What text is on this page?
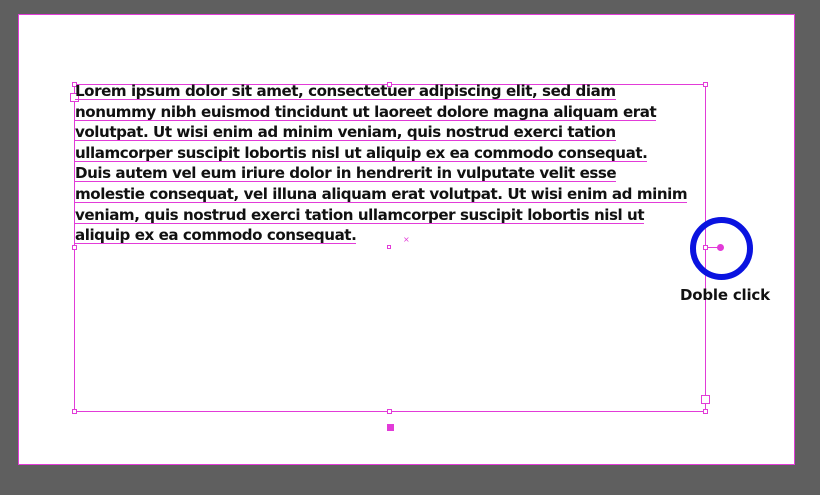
Lorem ipsum dolor sit amet, consectetuer adipiscing elit, sed diam
nonummy nibh euismod tincidunt ut laoreet dolore magna aliquam erat
volutpat. Ut wisi enim ad minim veniam, quis nostrud exerci tation
ullamcorper suscipit lobortis nisl ut aliquip ex ea commodo consequat.
Duis autem vel eum iriure dolor in hendrerit in vulputate velit esse
molestie consequat, vel illuna aliquam erat volutpat. Ut wisi enim ad minim
veniam, quis nostrud exerci tation ullamcorper suscipit lobortis nisl ut
aliquip ex ea commodo consequat.	×
Doble click
